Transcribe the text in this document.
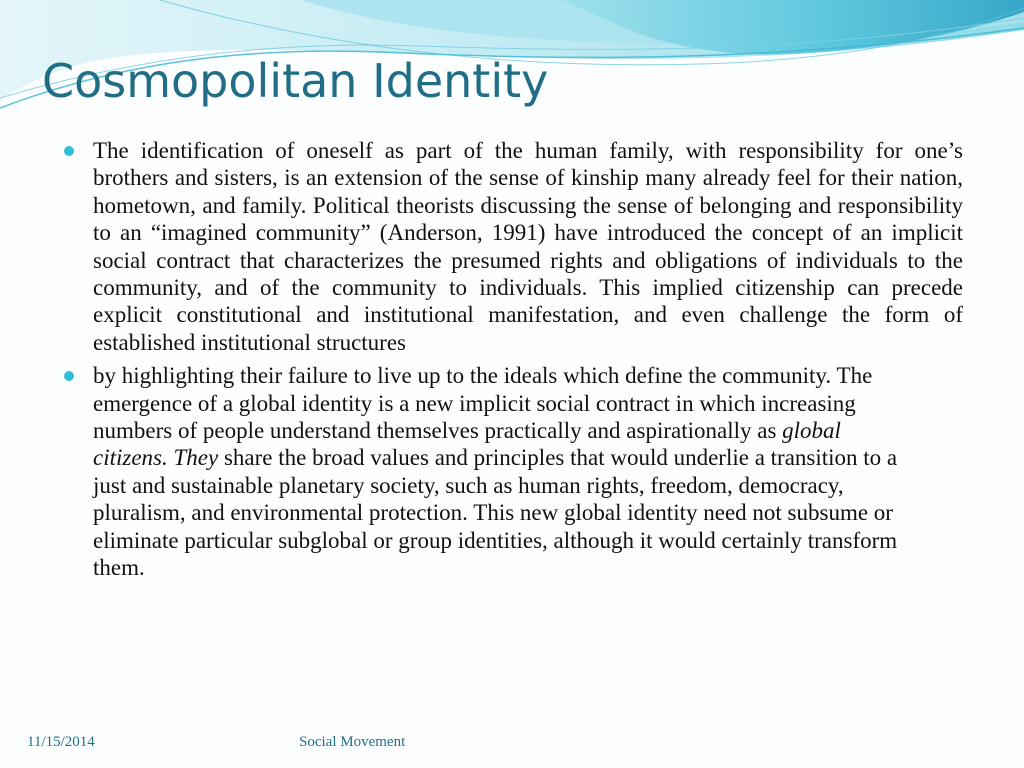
Cosmopolitan Identity
The identification of oneself as part of the human family, with responsibility for one’s brothers and sisters, is an extension of the sense of kinship many already feel for their nation, hometown, and family. Political theorists discussing the sense of belonging and responsibility to an “imagined community” (Anderson, 1991) have introduced the concept of an implicit social contract that characterizes the presumed rights and obligations of individuals to the community, and of the community to individuals. This implied citizenship can precede explicit constitutional and institutional manifestation, and even challenge the form of established institutional structures
by highlighting their failure to live up to the ideals which define the community. The emergence of a global identity is a new implicit social contract in which increasing numbers of people understand themselves practically and aspirationally as global citizens. They share the broad values and principles that would underlie a transition to a just and sustainable planetary society, such as human rights, freedom, democracy, pluralism, and environmental protection. This new global identity need not subsume or eliminate particular subglobal or group identities, although it would certainly transform them.
11/15/2014	Social Movement
